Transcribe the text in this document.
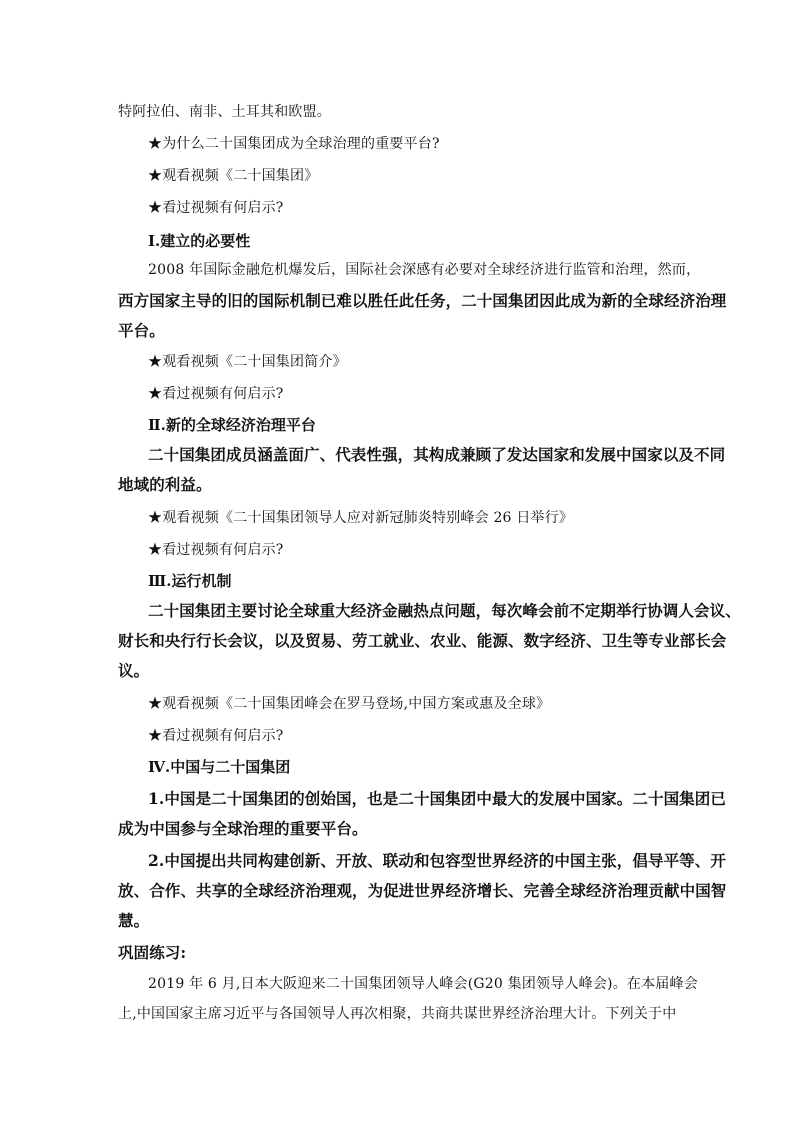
特阿拉伯、南非、土耳其和欧盟。
★为什么二十国集团成为全球治理的重要平台?
★观看视频《二十国集团》
★看过视频有何启示?
Ⅰ.建立的必要性
2008 年国际金融危机爆发后，国际社会深感有必要对全球经济进行监管和治理，然而，
西方国家主导的旧的国际机制已难以胜任此任务，二十国集团因此成为新的全球经济治理
平台。
★观看视频《二十国集团简介》
★看过视频有何启示?
Ⅱ.新的全球经济治理平台
二十国集团成员涵盖面广、代表性强，其构成兼顾了发达国家和发展中国家以及不同
地域的利益。
★观看视频《二十国集团领导人应对新冠肺炎特别峰会 26 日举行》
★看过视频有何启示?
Ⅲ.运行机制
二十国集团主要讨论全球重大经济金融热点问题，每次峰会前不定期举行协调人会议、
财长和央行行长会议，以及贸易、劳工就业、农业、能源、数字经济、卫生等专业部长会
议。
★观看视频《二十国集团峰会在罗马登场,中国方案或惠及全球》
★看过视频有何启示?
Ⅳ.中国与二十国集团
1.中国是二十国集团的创始国，也是二十国集团中最大的发展中国家。二十国集团已
成为中国参与全球治理的重要平台。
2.中国提出共同构建创新、开放、联动和包容型世界经济的中国主张，倡导平等、开
放、合作、共享的全球经济治理观，为促进世界经济增长、完善全球经济治理贡献中国智
慧。
巩固练习:
2019 年 6 月,日本大阪迎来二十国集团领导人峰会(G20 集团领导人峰会)。在本届峰会
上,中国国家主席习近平与各国领导人再次相聚，共商共谋世界经济治理大计。下列关于中
